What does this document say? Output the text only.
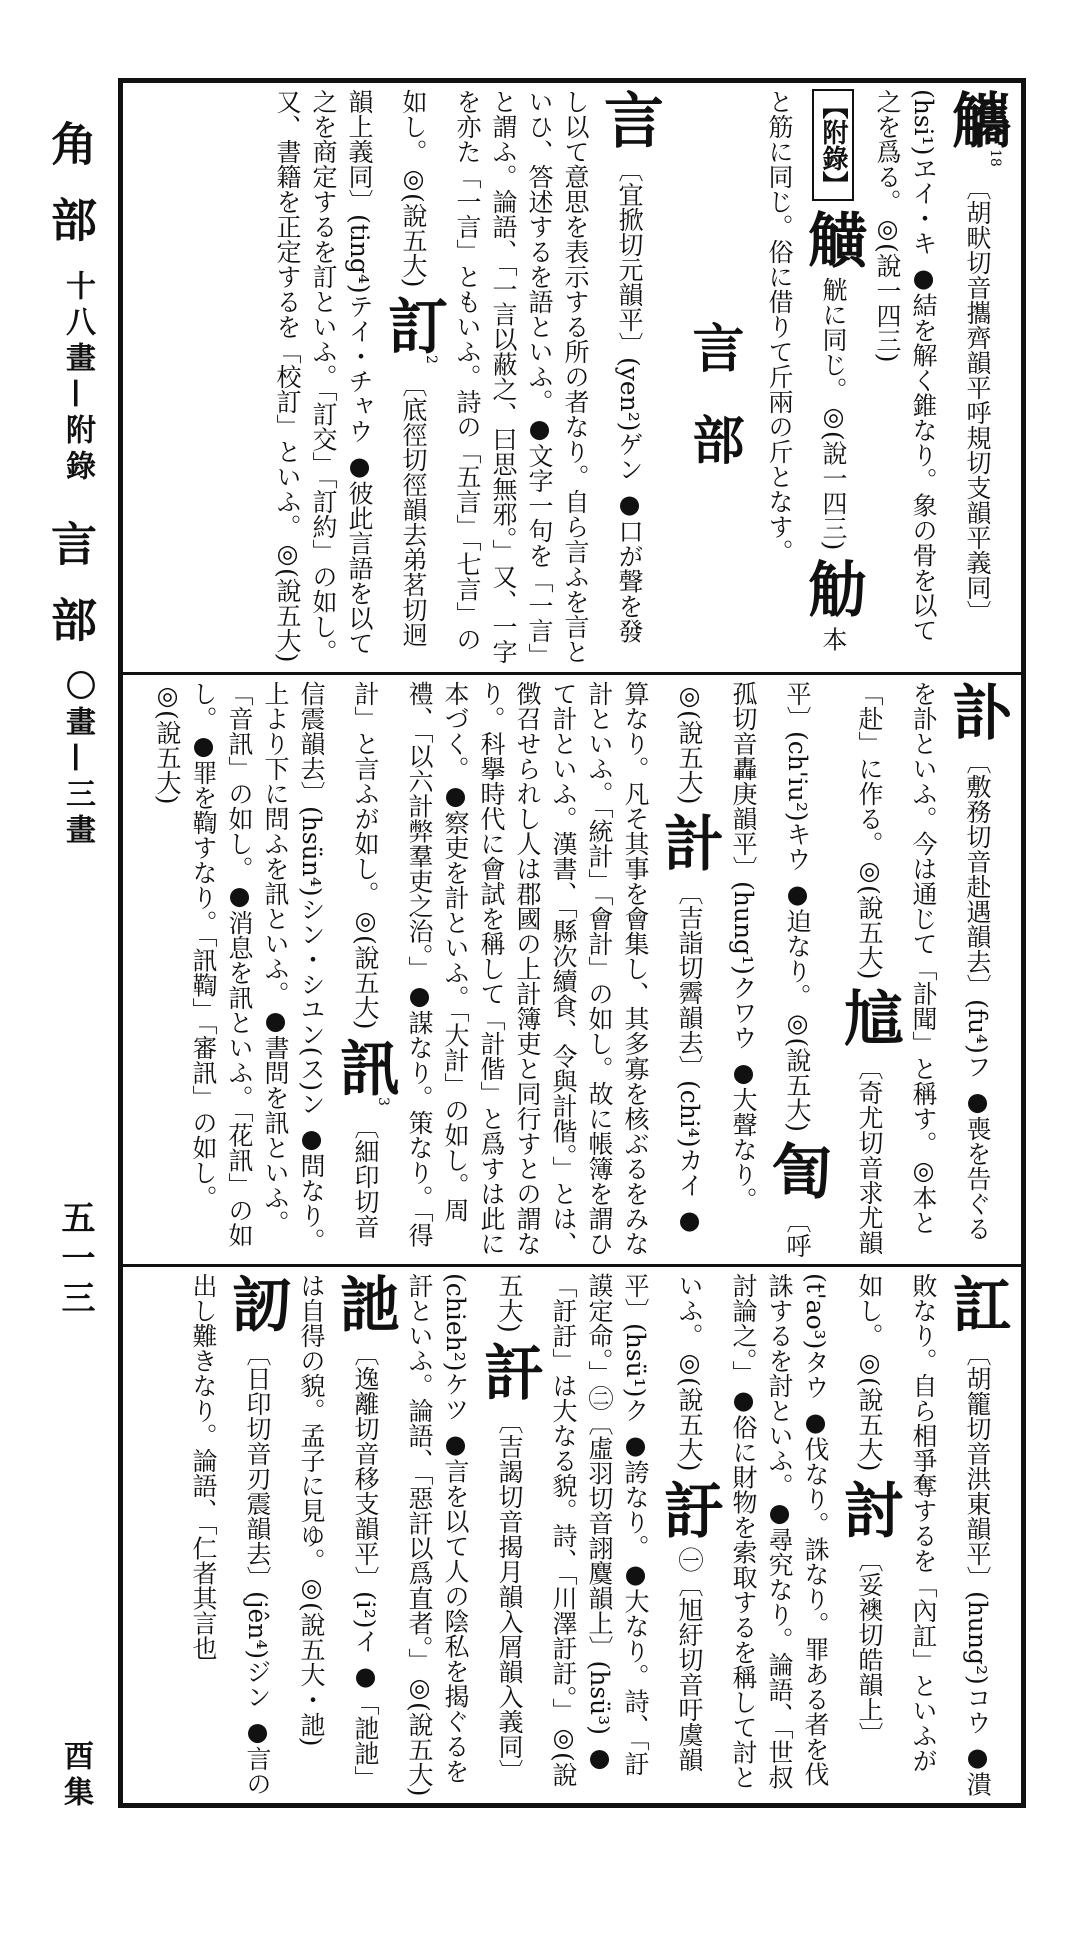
角部
十八畫—附錄
言部
〇畫—三畫
五一三
酉集
觿$^{18}$ 〔胡畎切音攜齊韻平呼規切支韻平義同〕(hsi¹)ヱイ・キ ●結を解く錐なり。象の骨を以て之を爲る。◎(說一四三)
【附錄】 觵 觥に同じ。◎(說一四三) 觔 本と筋に同じ。俗に借りて斤兩の斤となす。
言部
言 〔宜掀切元韻平〕(yen²)ゲン ●口が聲を發し以て意思を表示する所の者なり。自ら言ふを言といひ、答述するを語といふ。●文字一句を「一言」と謂ふ。論語、「一言以蔽之、曰思無邪。」又、一字を亦た「一言」ともいふ。詩の「五言」「七言」の如し。◎(說五大) 訂$^2$ 〔底徑切徑韻去弟茗切迥韻上義同〕(ting⁴)テイ・チャウ ●彼此言語を以て之を商定するを訂といふ。「訂交」「訂約」の如し。又、書籍を正定するを「校訂」といふ。◎(說五大)
訃 〔敷務切音赴遇韻去〕(fu⁴)フ ●喪を告ぐるを訃といふ。今は通じて「訃聞」と稱す。◎本と「赴」に作る。◎(說五大) 訄 〔奇尤切音求尤韻平〕(ch'iu²)キウ ●迫なり。◎(說五大) 訇 〔呼孤切音轟庚韻平〕(hung¹)クワウ ●大聲なり。◎(說五大) 計 〔吉詣切霽韻去〕(chi⁴)カイ ●算なり。凡そ其事を會集し、其多寡を核ぶるをみな計といふ。「統計」「會計」の如し。故に帳簿を謂ひて計といふ。漢書、「縣次續食、令與計偕。」とは、徴召せられし人は郡國の上計簿吏と同行すとの謂なり。科擧時代に會試を稱して「計偕」と爲すは此に本づく。●察吏を計といふ。「大計」の如し。周禮、「以六計弊羣吏之治。」●謀なり。策なり。「得計」と言ふが如し。◎(說五大) 訊$^3$ 〔細印切音信震韻去〕(hsün⁴)シン・シユン(ス)ン ●問なり。上より下に問ふを訊といふ。●書問を訊といふ。「音訊」の如し。●消息を訊といふ。「花訊」の如し。●罪を鞫すなり。「訊鞫」「審訊」の如し。◎(說五大)
訌 〔胡籠切音洪東韻平〕(hung²)コウ ●潰敗なり。自ら相爭奪するを「內訌」といふが如し。◎(說五大) 討 〔妥襖切皓韻上〕(t'ao³)タウ ●伐なり。誅なり。罪ある者を伐誅するを討といふ。●尋究なり。論語、「世叔討論之。」●俗に財物を索取するを稱して討といふ。◎(說五大) 訏 ㊀〔旭紆切音吁虞韻平〕(hsü¹)ク ●誇なり。●大なり。詩、「訏謨定命。」㊁〔虛羽切音詡麌韻上〕(hsü³) ●「訏訏」は大なる貌。詩、「川澤訏訏。」◎(說五大) 訐 〔吉謁切音揭月韻入屑韻入義同〕(chieh²)ケツ ●言を以て人の陰私を揭ぐるを訐といふ。論語、「惡訐以爲直者。」◎(說五大) 訑 〔逸離切音移支韻平〕(i²)イ ●「訑訑」は自得の貌。孟子に見ゆ。◎(說五大・訑) 訒 〔日印切音刃震韻去〕(jên⁴)ジン ●言の出し難きなり。論語、「仁者其言也
